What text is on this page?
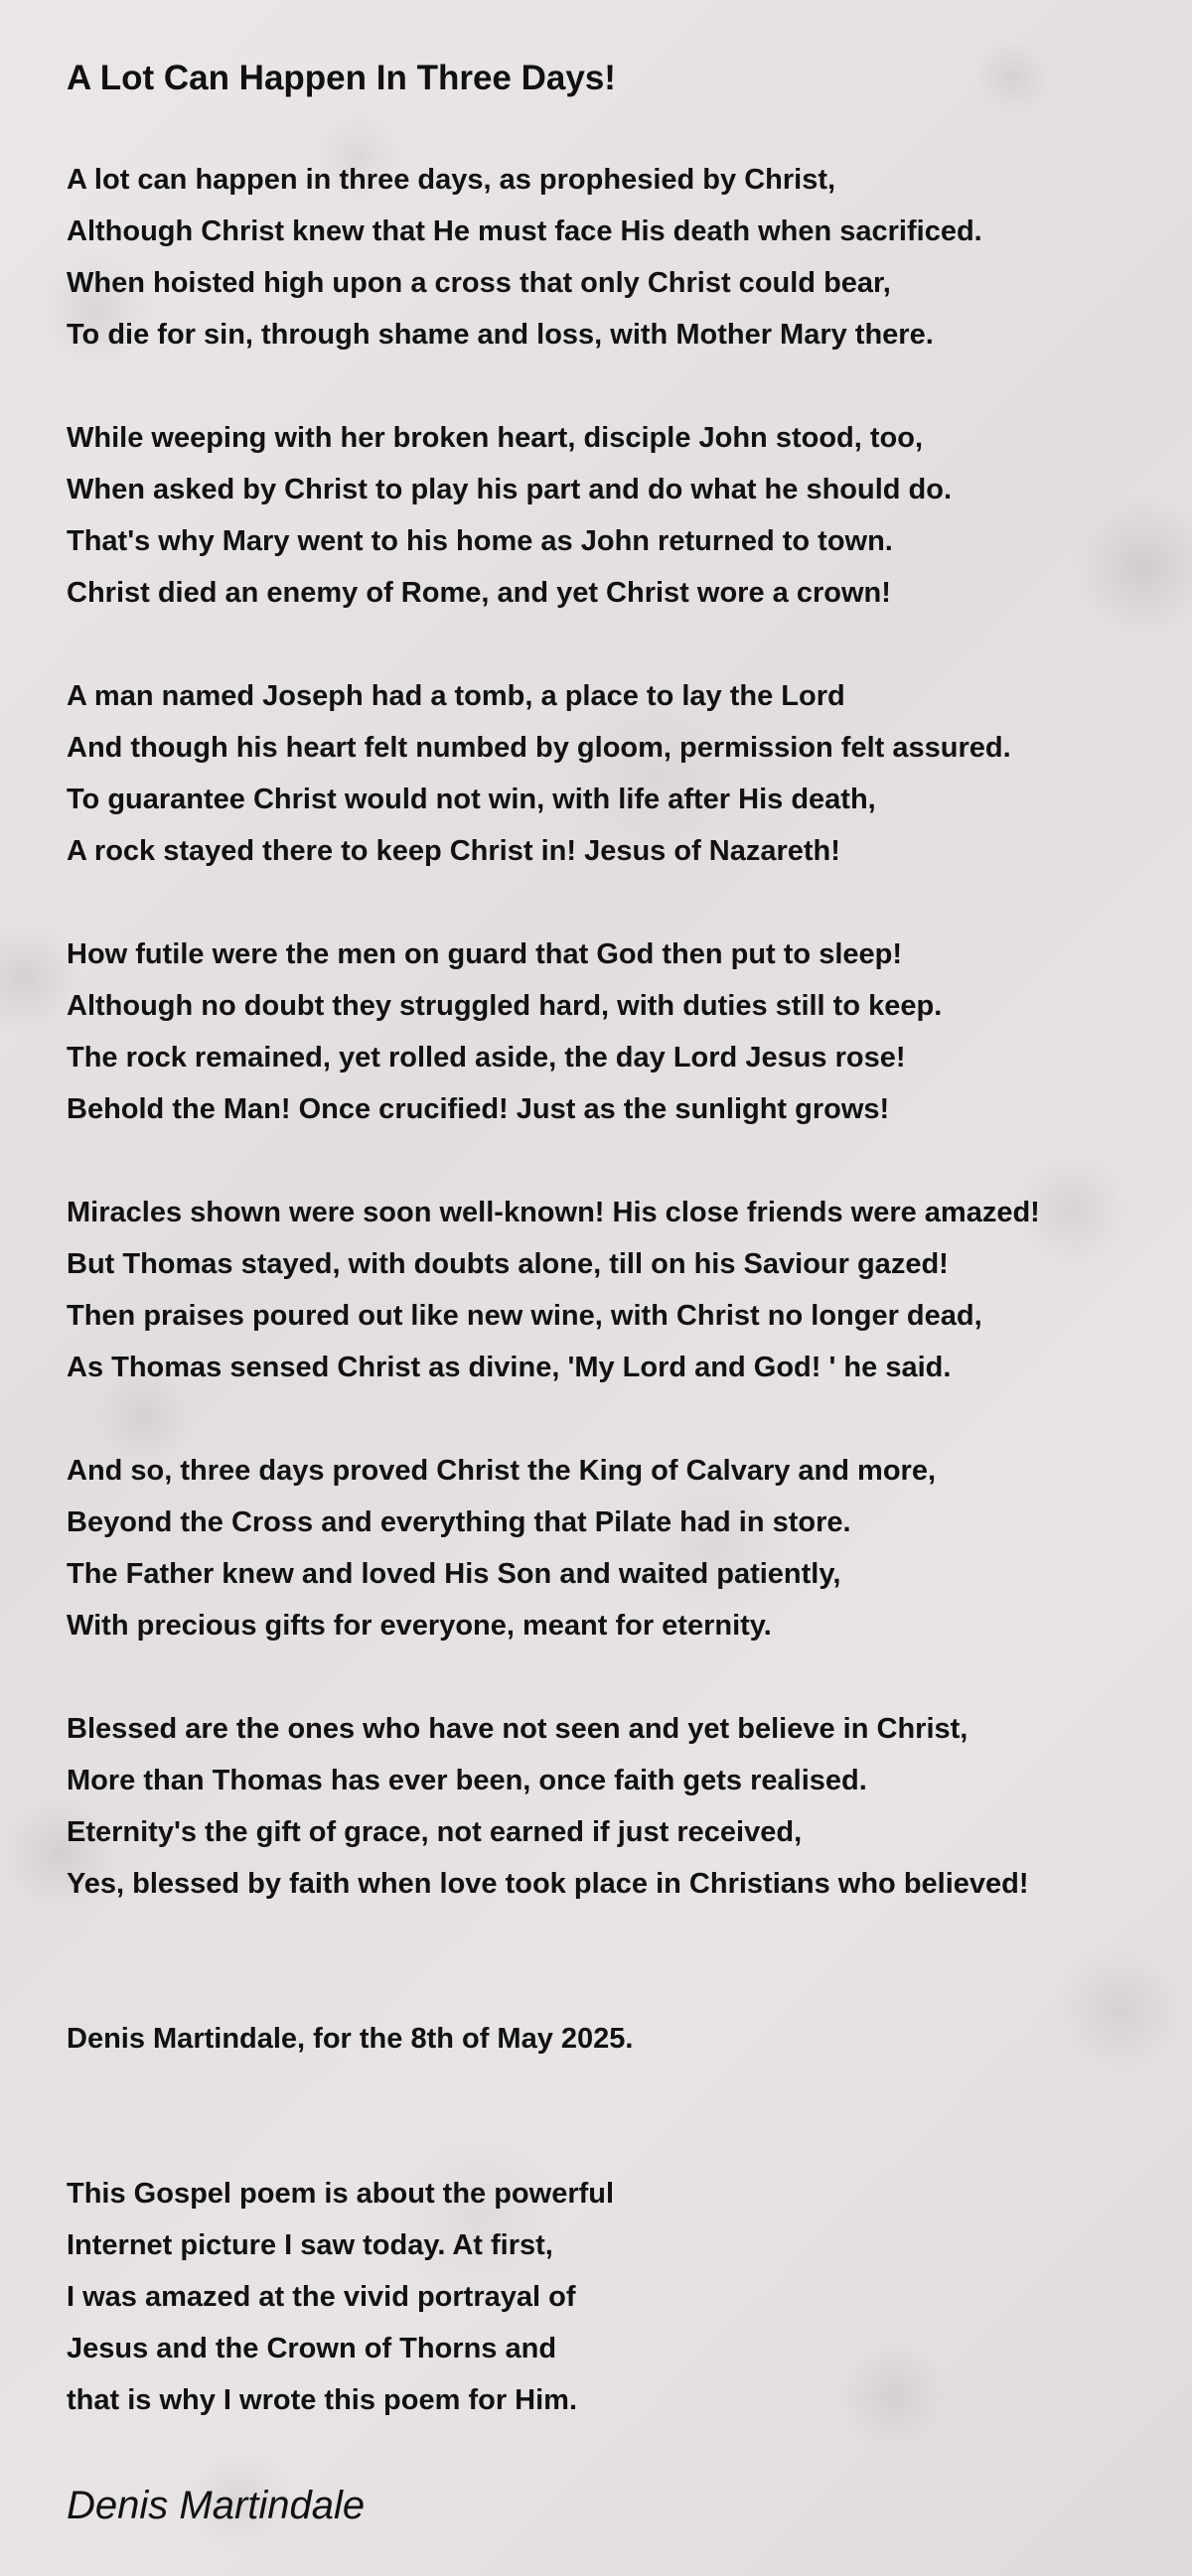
A Lot Can Happen In Three Days!
A lot can happen in three days, as prophesied by Christ,
Although Christ knew that He must face His death when sacrificed.
When hoisted high upon a cross that only Christ could bear,
To die for sin, through shame and loss, with Mother Mary there.
While weeping with her broken heart, disciple John stood, too,
When asked by Christ to play his part and do what he should do.
That's why Mary went to his home as John returned to town.
Christ died an enemy of Rome, and yet Christ wore a crown!
A man named Joseph had a tomb, a place to lay the Lord
And though his heart felt numbed by gloom, permission felt assured.
To guarantee Christ would not win, with life after His death,
A rock stayed there to keep Christ in! Jesus of Nazareth!
How futile were the men on guard that God then put to sleep!
Although no doubt they struggled hard, with duties still to keep.
The rock remained, yet rolled aside, the day Lord Jesus rose!
Behold the Man! Once crucified! Just as the sunlight grows!
Miracles shown were soon well-known! His close friends were amazed!
But Thomas stayed, with doubts alone, till on his Saviour gazed!
Then praises poured out like new wine, with Christ no longer dead,
As Thomas sensed Christ as divine, 'My Lord and God! ' he said.
And so, three days proved Christ the King of Calvary and more,
Beyond the Cross and everything that Pilate had in store.
The Father knew and loved His Son and waited patiently,
With precious gifts for everyone, meant for eternity.
Blessed are the ones who have not seen and yet believe in Christ,
More than Thomas has ever been, once faith gets realised.
Eternity's the gift of grace, not earned if just received,
Yes, blessed by faith when love took place in Christians who believed!
Denis Martindale, for the 8th of May 2025.
This Gospel poem is about the powerful
Internet picture I saw today. At first,
I was amazed at the vivid portrayal of
Jesus and the Crown of Thorns and
that is why I wrote this poem for Him.
Denis Martindale
